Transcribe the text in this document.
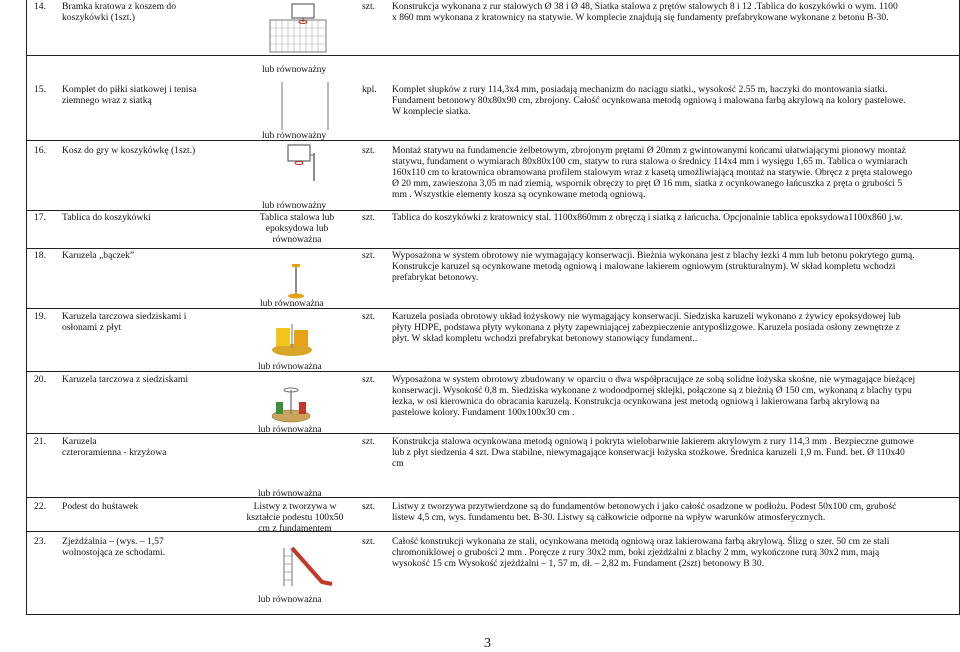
14. Bramka kratowa z koszem do
koszykówki (1szt.)
szt. Konstrukcja wykonana z rur stalowych Ø 38 i Ø 48, Siatka stalowa z prętów stalowych 8 i 12 .Tablica do koszykówki o wym. 1100
x 860 mm wykonana z kratownicy na statywie. W komplecie znajdują się fundamenty prefabrykowane wykonane z betonu B-30.
lub równoważny
15. Komplet do piłki siatkowej i tenisa
ziemnego wraz z siatką
kpl. Komplet słupków z rury 114,3x4 mm, posiadają mechanizm do naciągu siatki., wysokość 2.55 m, haczyki do montowania siatki.
Fundament betonowy 80x80x90 cm, zbrojony. Całość ocynkowana metodą ogniową i malowana farbą akrylową na kolory pastelowe.
W komplecie siatka.
lub równoważny
16. Kosz do gry w koszykówkę (1szt.)	szt. Montaż statywu na fundamencie żelbetowym, zbrojonym prętami Ø 20mm z gwintowanymi końcami ułatwiającymi pionowy montaż
statywu, fundament o wymiarach 80x80x100 cm, statyw to rura stalowa o średnicy 114x4 mm i wysięgu 1,65 m. Tablica o wymiarach
160x110 cm to kratownica obramowana profilem stalowym wraz z kasetą umożliwiającą montaż na statywie. Obręcz z pręta stalowego
Ø 20 mm, zawieszona 3,05 m nad ziemią, wspornik obręczy to pręt Ø 16 mm, siatka z ocynkowanego łańcuszka z pręta o grubości 5
mm . Wszystkie elementy kosza są ocynkowane metodą ogniową.
lub równoważny
17. Tablica do koszykówki	Tablica stalowa lub
epoksydowa lub
równoważna
szt. Tablica do koszykówki z kratownicy stal. 1100x860mm z obręczą i siatką z łańcucha. Opcjonalnie tablica epoksydowa1100x860 j.w.
18. Karuzela „bączek”	szt. Wyposażona w system obrotowy nie wymagający konserwacji. Bieżnia wykonana jest z blachy łezki 4 mm lub betonu pokrytego gumą.
Konstrukcje karuzel są ocynkowane metodą ogniową i malowane lakierem ogniowym (strukturalnym). W skład kompletu wchodzi
prefabrykat betonowy.
lub równoważna
19. Karuzela tarczowa siedziskami i
osłonami z płyt
szt. Karuzela posiada obrotowy układ łożyskowy nie wymagający konserwacji. Siedziska karuzeli wykonano z żywicy epoksydowej lub
płyty HDPE, podstawa płyty wykonana z płyty zapewniającej zabezpieczenie antypoślizgowe. Karuzela posiada osłony zewnętrze z
płyt. W skład kompletu wchodzi prefabrykat betonowy stanowiący fundament..
lub równoważna
20. Karuzela tarczowa z siedziskami	szt. Wyposażona w system obrotowy zbudowany w oparciu o dwa współpracujące ze sobą solidne łożyska skośne, nie wymagające bieżącej
konserwacji. Wysokość 0,8 m. Siedziska wykonane z wodoodpornej sklejki, połączone są z bieżnią Ø 150 cm, wykonaną z blachy typu
łezka, w osi kierownica do obracania karuzelą. Konstrukcja ocynkowana jest metodą ogniową i lakierowana farbą akrylową na
pastelowe kolory. Fundament 100x100x30 cm .
lub równoważna
21. Karuzela
czteroramienna - krzyżowa
szt. Konstrukcja stalowa ocynkowana metodą ogniową i pokryta wielobarwnie lakierem akrylowym z rury 114,3 mm . Bezpieczne gumowe
lub z płyt siedzenia 4 szt. Dwa stabilne, niewymagające konserwacji łożyska stożkowe. Średnica karuzeli 1,9 m. Fund. bet. Ø 110x40
cm
lub równoważna
22. Podest do huśtawek	Listwy z tworzywa w
kształcie podestu 100x50
cm z fundamentem
szt. Listwy z tworzywa przytwierdzone są do fundamentów betonowych i jako całość osadzone w podłożu. Podest 50x100 cm, grubość
listew 4,5 cm, wys. fundamentu bet. B-30. Listwy są całkowicie odporne na wpływ warunków atmosferycznych.
23. Zjeżdżalnia – (wys. – 1,57
wolnostojąca ze schodami.
lub równoważna
szt. Całość konstrukcji wykonana ze stali, ocynkowana metodą ogniową oraz lakierowana farbą akrylową. Ślizg o szer. 50 cm ze stali
chromoniklowej o grubości 2 mm . Poręcze z rury 30x2 mm, boki zjeżdżalni z blachy 2 mm, wykończone rurą 30x2 mm, mają
wysokość 15 cm Wysokość zjeżdżalni – 1, 57 m, dł. – 2,82 m. Fundament (2szt) betonowy B 30.
3
